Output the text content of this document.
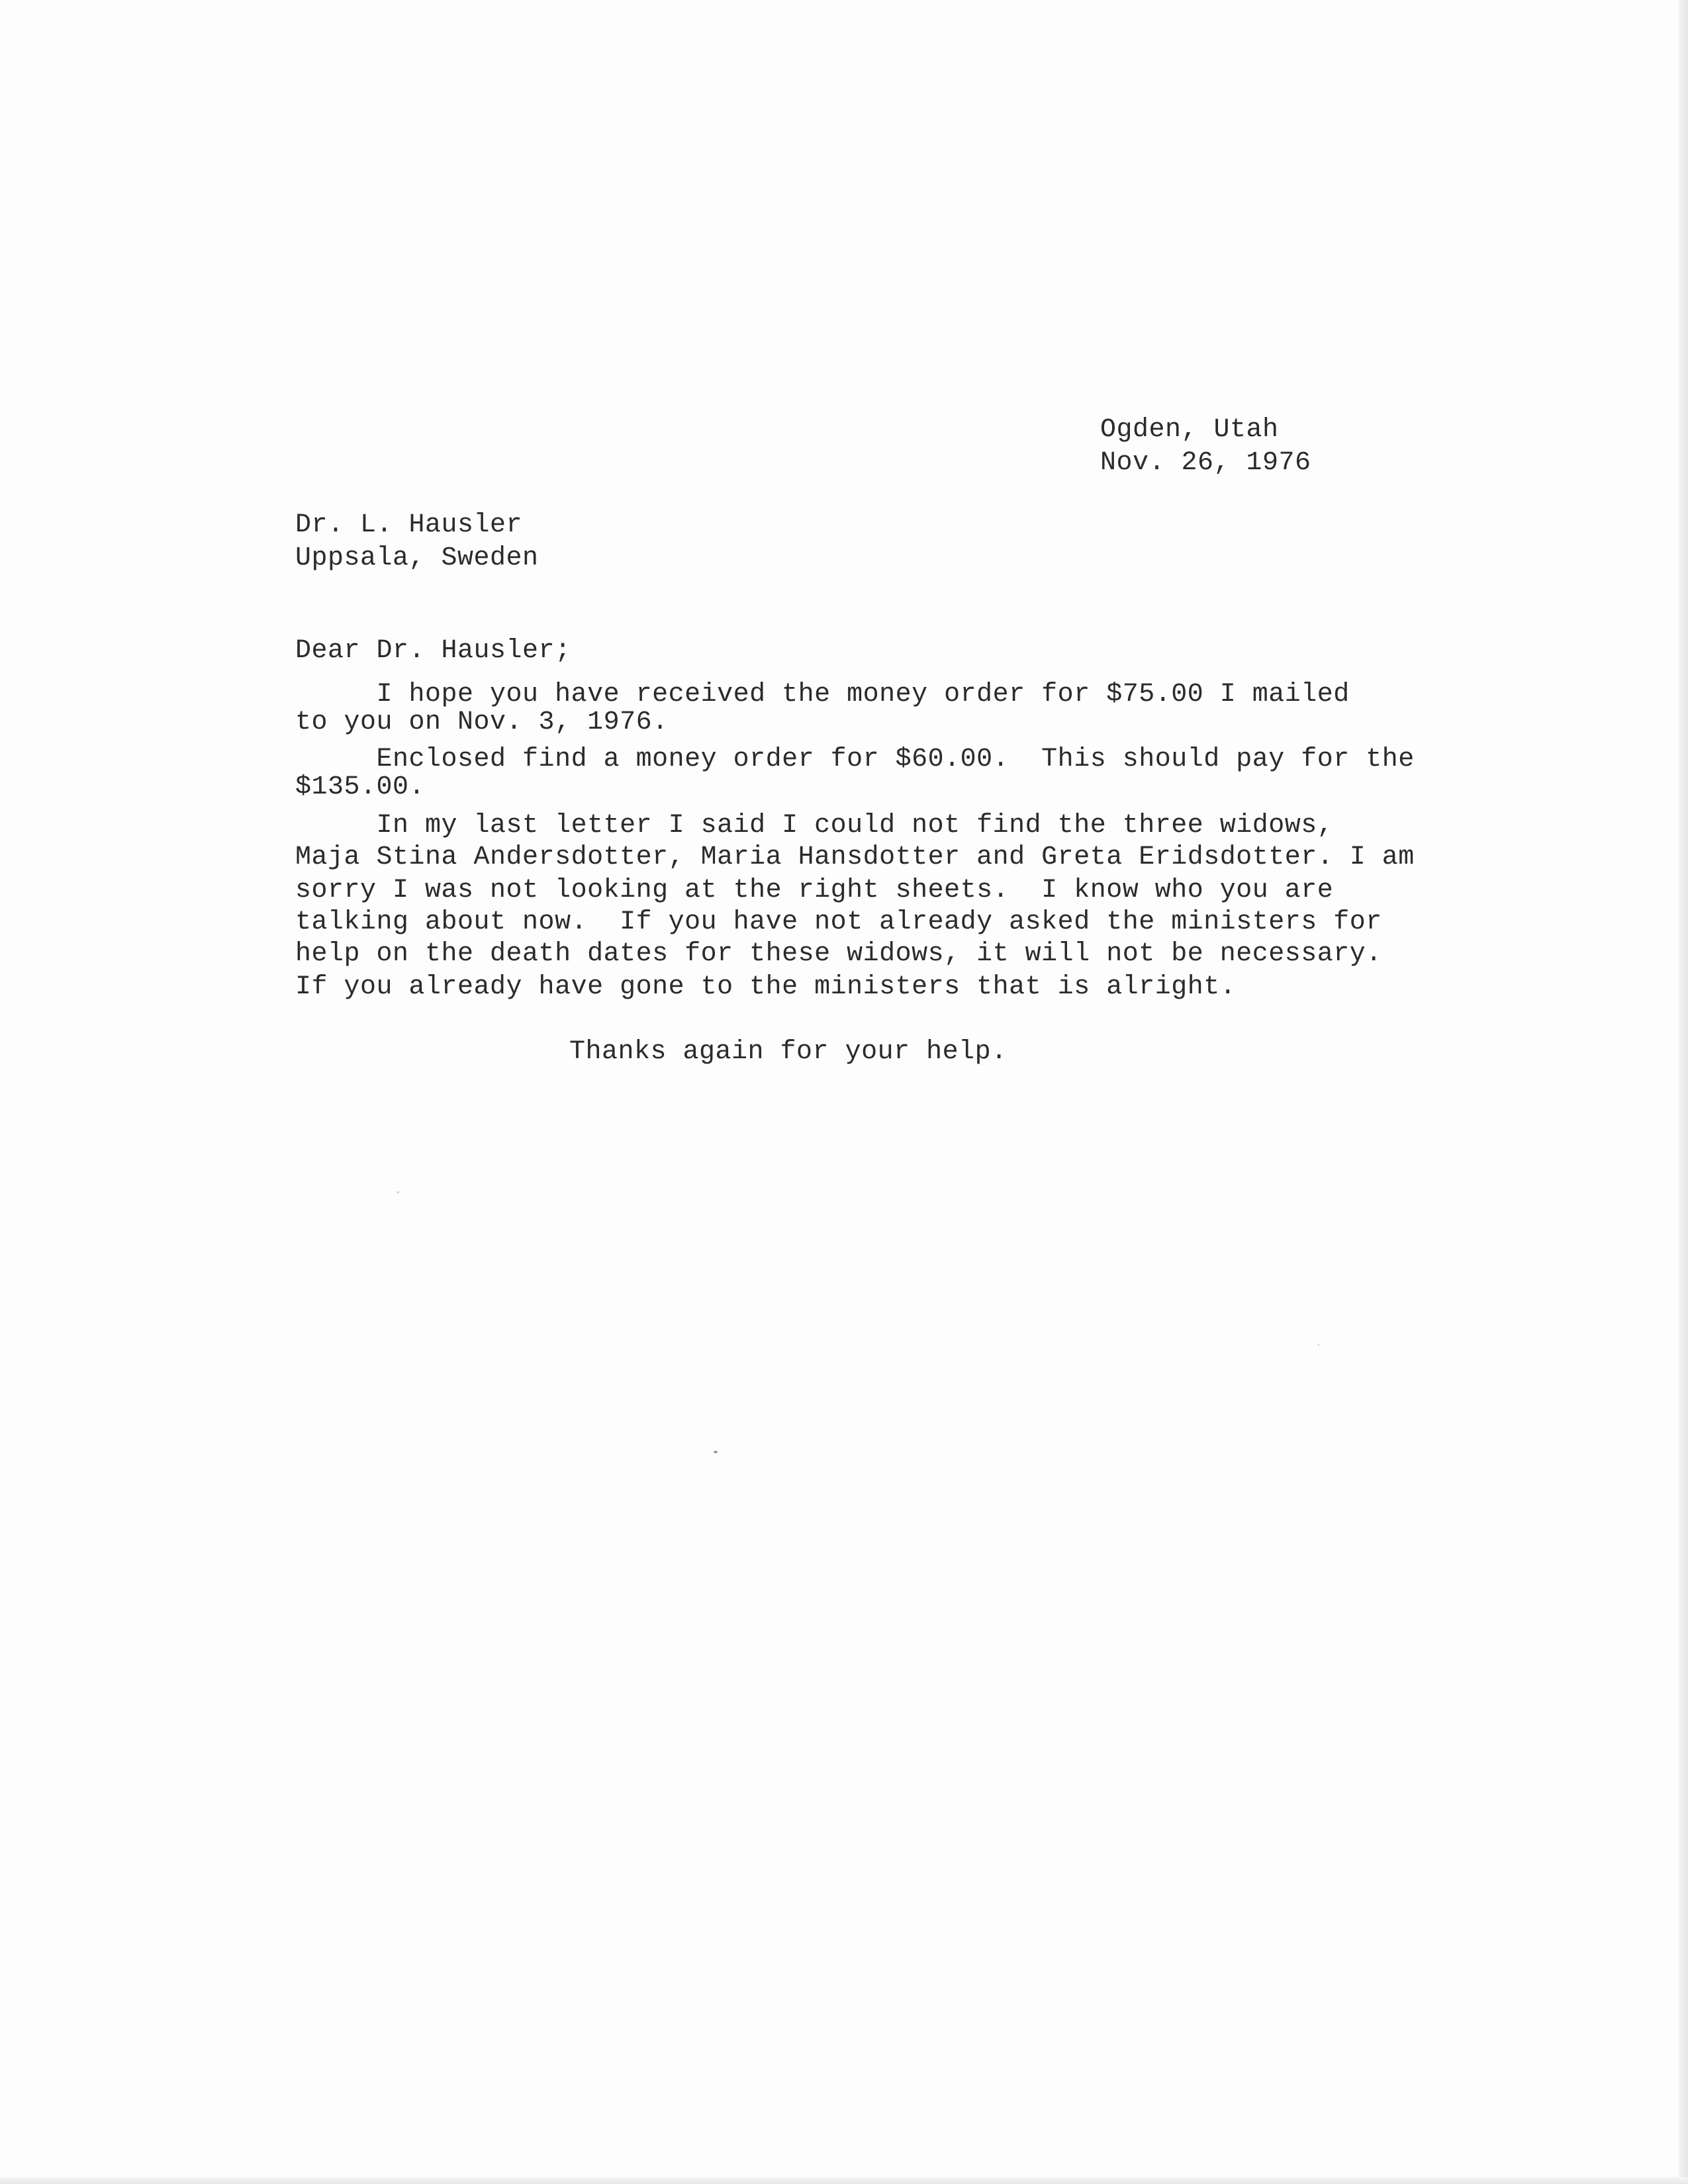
Ogden, Utah
Nov. 26, 1976
Dr. L. Hausler
Uppsala, Sweden
Dear Dr. Hausler;
I hope you have received the money order for $75.00 I mailed
to you on Nov. 3, 1976.
Enclosed find a money order for $60.00.  This should pay for the
$135.00.
In my last letter I said I could not find the three widows,
Maja Stina Andersdotter, Maria Hansdotter and Greta Eridsdotter. I am
sorry I was not looking at the right sheets.  I know who you are
talking about now.  If you have not already asked the ministers for
help on the death dates for these widows, it will not be necessary.
If you already have gone to the ministers that is alright.
Thanks again for your help.
